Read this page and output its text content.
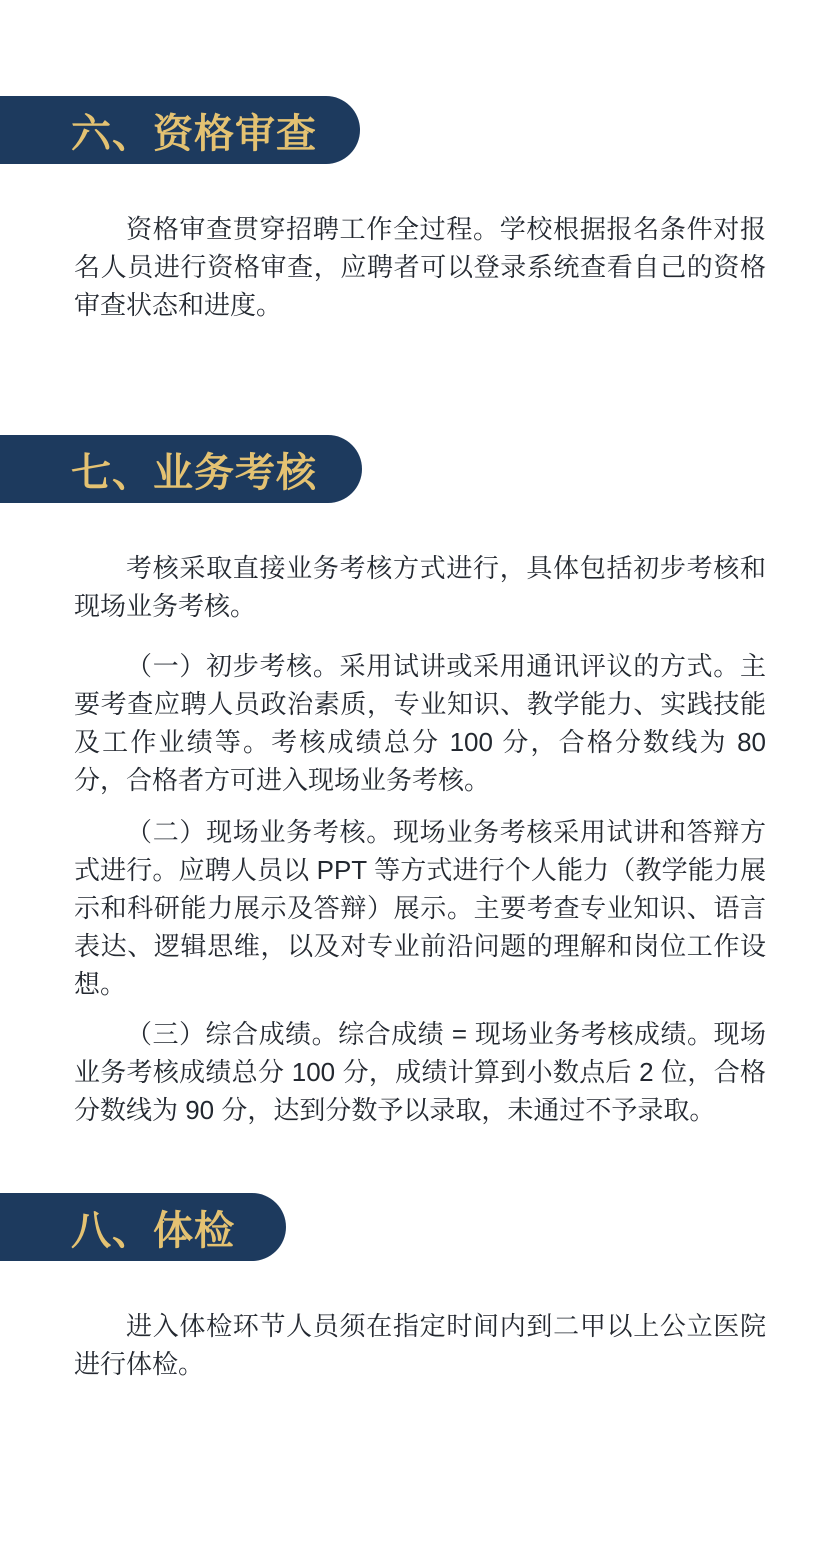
六、资格审查

资格审查贯穿招聘工作全过程。学校根据报名条件对报名人员进行资格审查，应聘者可以登录系统查看自己的资格审查状态和进度。

七、业务考核

考核采取直接业务考核方式进行，具体包括初步考核和现场业务考核。

（一）初步考核。采用试讲或采用通讯评议的方式。主要考查应聘人员政治素质，专业知识、教学能力、实践技能及工作业绩等。考核成绩总分 100 分，合格分数线为 80 分，合格者方可进入现场业务考核。

（二）现场业务考核。现场业务考核采用试讲和答辩方式进行。应聘人员以 PPT 等方式进行个人能力（教学能力展示和科研能力展示及答辩）展示。主要考查专业知识、语言表达、逻辑思维，以及对专业前沿问题的理解和岗位工作设想。

（三）综合成绩。综合成绩 = 现场业务考核成绩。现场业务考核成绩总分 100 分，成绩计算到小数点后 2 位，合格分数线为 90 分，达到分数予以录取，未通过不予录取。

八、体检

进入体检环节人员须在指定时间内到二甲以上公立医院进行体检。
